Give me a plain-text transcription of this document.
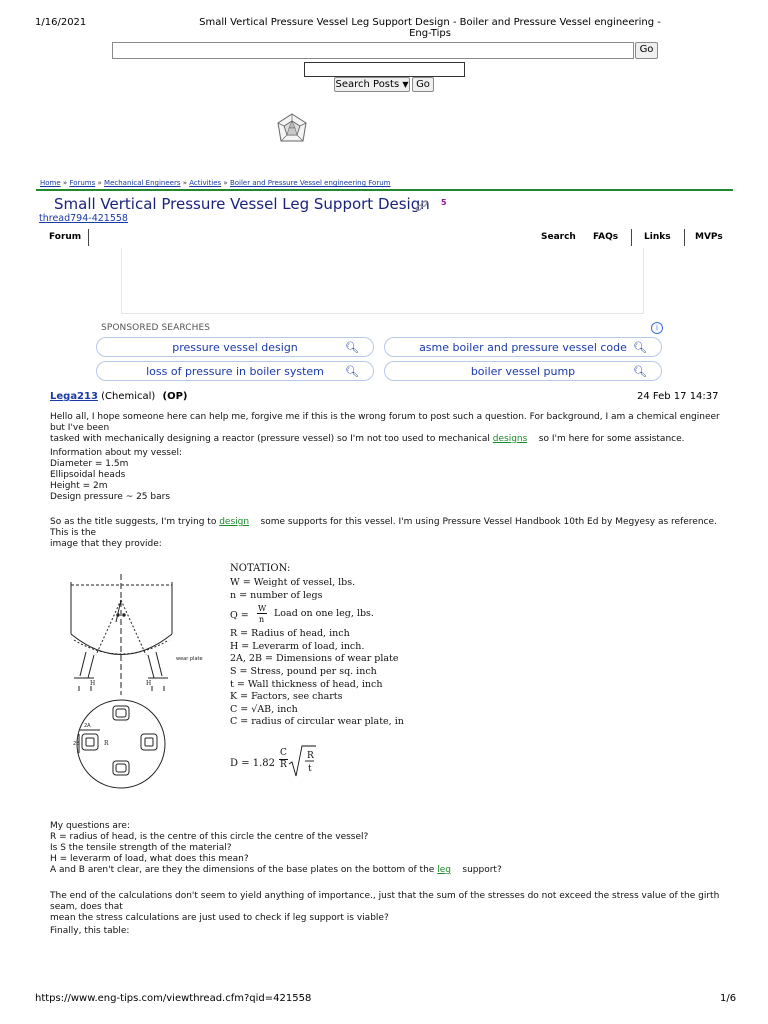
1/16/2021	Small Vertical Pressure Vessel Leg Support Design - Boiler and Pressure Vessel engineering - Eng-Tips
Go
Search Posts ▼ Go
Home » Forums » Mechanical Engineers » Activities » Boiler and Pressure Vessel engineering Forum
Small Vertical Pressure Vessel Leg Support Design 5
thread794-421558
Forum	Search FAQs	Links	MVPs
SPONSORED SEARCHES	i
pressure vessel design	🔍︎	asme boiler and pressure vessel code 🔍︎
loss of pressure in boiler system 🔍︎	boiler vessel pump	🔍︎
Lega213 (Chemical) (OP)	24 Feb 17 14:37
Hello all, I hope someone here can help me, forgive me if this is the wrong forum to post such a question. For background, I am a chemical engineer but I've been
tasked with mechanically designing a reactor (pressure vessel) so I'm not too used to mechanical designs so I'm here for some assistance.
Information about my vessel:
Diameter = 1.5m
Ellipsoidal heads
Height = 2m
Design pressure ~ 25 bars
So as the title suggests, I'm trying to design some supports for this vessel. I'm using Pressure Vessel Handbook 10th Ed by Megyesy as reference. This is the
image that they provide:
wear plate
H	H
2A
2B	R
NOTATION:
W = Weight of vessel, lbs.
n = number of legs
Q =
W
n
Load on one leg, lbs.
R = Radius of head, inch
H = Leverarm of load, inch.
2A, 2B = Dimensions of wear plate
S = Stress, pound per sq. inch
t = Wall thickness of head, inch
K = Factors, see charts
C = √AB, inch
C = radius of circular wear plate, in
D = 1.82
C
R
R
t
My questions are:
R = radius of head, is the centre of this circle the centre of the vessel?
Is S the tensile strength of the material?
H = leverarm of load, what does this mean?
A and B aren't clear, are they the dimensions of the base plates on the bottom of the leg support?
The end of the calculations don't seem to yield anything of importance., just that the sum of the stresses do not exceed the stress value of the girth seam, does that
mean the stress calculations are just used to check if leg support is viable?
Finally, this table:
https://www.eng-tips.com/viewthread.cfm?qid=421558	1/6
